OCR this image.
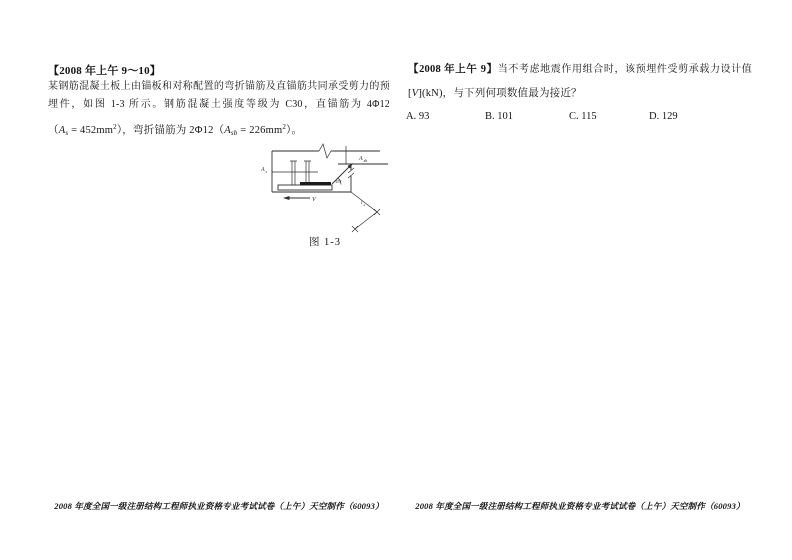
【2008 年上午 9～10】
某钢筋混凝土板上由锚板和对称配置的弯折锚筋及直锚筋共同承受剪力的预
埋件，如图 1-3 所示。钢筋混凝土强度等级为 C30，直锚筋为 4Φ12
$(As = 452mm^2)$，弯折锚筋为 $2\Phi 12(Asb = 226mm^2)$。
45°
V
l a
A s
A sb
图 1-3
【2008 年上午 9】当不考虑地震作用组合时，该预埋件受剪承载力设计值
[V](kN)，与下列何项数值最为接近？
A. 93	B. 101	C. 115	D. 129
2008 年度全国一级注册结构工程师执业资格专业考试试卷（上午）天空制作（60093）	2008 年度全国一级注册结构工程师执业资格专业考试试卷（上午）天空制作（60093）
